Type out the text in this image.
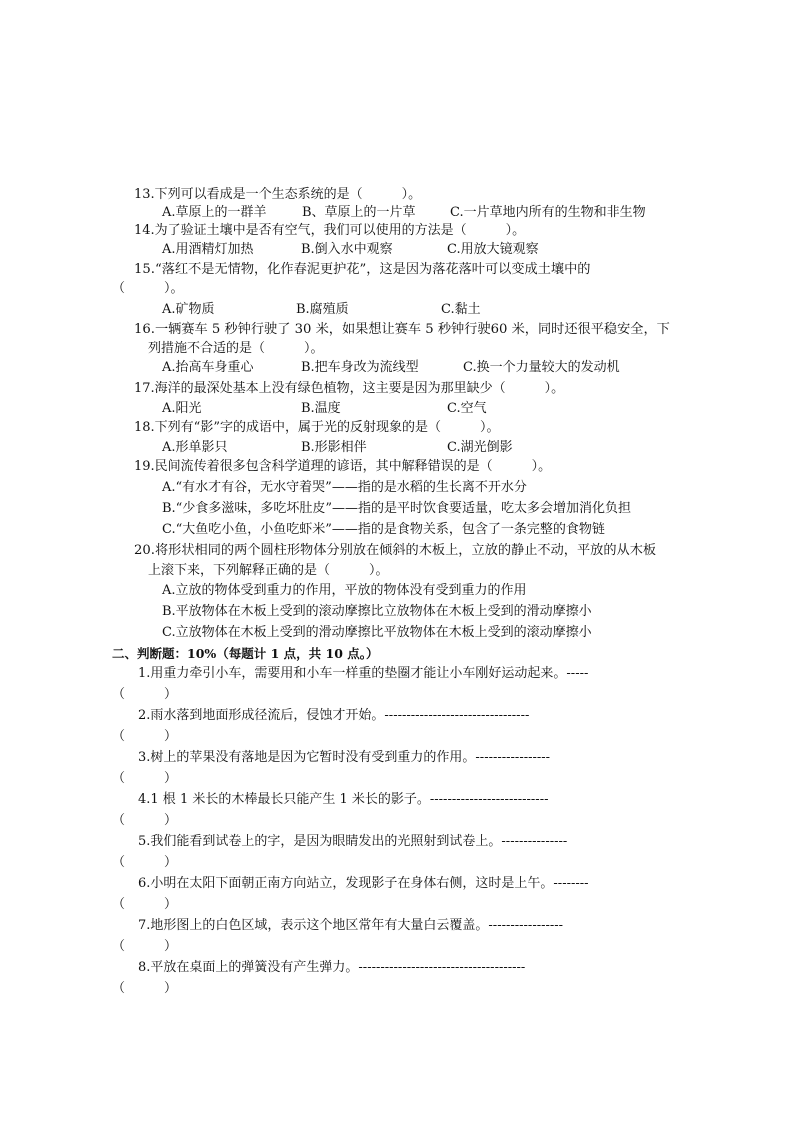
13.下列可以看成是一个生态系统的是（　　　）。
A.草原上的一群羊	B、草原上的一片草	C.一片草地内所有的生物和非生物
14.为了验证土壤中是否有空气，我们可以使用的方法是（　　　）。
A.用酒精灯加热	B.倒入水中观察	C.用放大镜观察
15.“落红不是无情物，化作春泥更护花”，这是因为落花落叶可以变成土壤中的
（　　　）。
A.矿物质	B.腐殖质	C.黏土
16.一辆赛车 5 秒钟行驶了 30 米，如果想让赛车 5 秒钟行驶60 米，同时还很平稳安全，下
列措施不合适的是（　　　）。
A.抬高车身重心	B.把车身改为流线型	C.换一个力量较大的发动机
17.海洋的最深处基本上没有绿色植物，这主要是因为那里缺少（　　　）。
A.阳光	B.温度	C.空气
18.下列有“影”字的成语中，属于光的反射现象的是（　　　）。
A.形单影只	B.形影相伴	C.湖光倒影
19.民间流传着很多包含科学道理的谚语，其中解释错误的是（　　　）。
A.“有水才有谷，无水守着哭”——指的是水稻的生长离不开水分
B.“少食多滋味，多吃坏肚皮”——指的是平时饮食要适量，吃太多会增加消化负担
C.“大鱼吃小鱼，小鱼吃虾米”——指的是食物关系，包含了一条完整的食物链
20.将形状相同的两个圆柱形物体分别放在倾斜的木板上，立放的静止不动，平放的从木板
上滚下来，下列解释正确的是（　　　）。
A.立放的物体受到重力的作用，平放的物体没有受到重力的作用
B.平放物体在木板上受到的滚动摩擦比立放物体在木板上受到的滑动摩擦小
C.立放物体在木板上受到的滑动摩擦比平放物体在木板上受到的滚动摩擦小
二、判断题：10%（每题计 1 点，共 10 点。）
1.用重力牵引小车，需要用和小车一样重的垫圈才能让小车刚好运动起来。-----
（　　　）
2.雨水落到地面形成径流后，侵蚀才开始。---------------------------------
（　　　）
3.树上的苹果没有落地是因为它暂时没有受到重力的作用。-----------------
（　　　）
4.1 根 1 米长的木棒最长只能产生 1 米长的影子。---------------------------
（　　　）
5.我们能看到试卷上的字，是因为眼睛发出的光照射到试卷上。---------------
（　　　）
6.小明在太阳下面朝正南方向站立，发现影子在身体右侧，这时是上午。--------
（　　　）
7.地形图上的白色区域，表示这个地区常年有大量白云覆盖。-----------------
（　　　）
8.平放在桌面上的弹簧没有产生弹力。--------------------------------------
（　　　）
